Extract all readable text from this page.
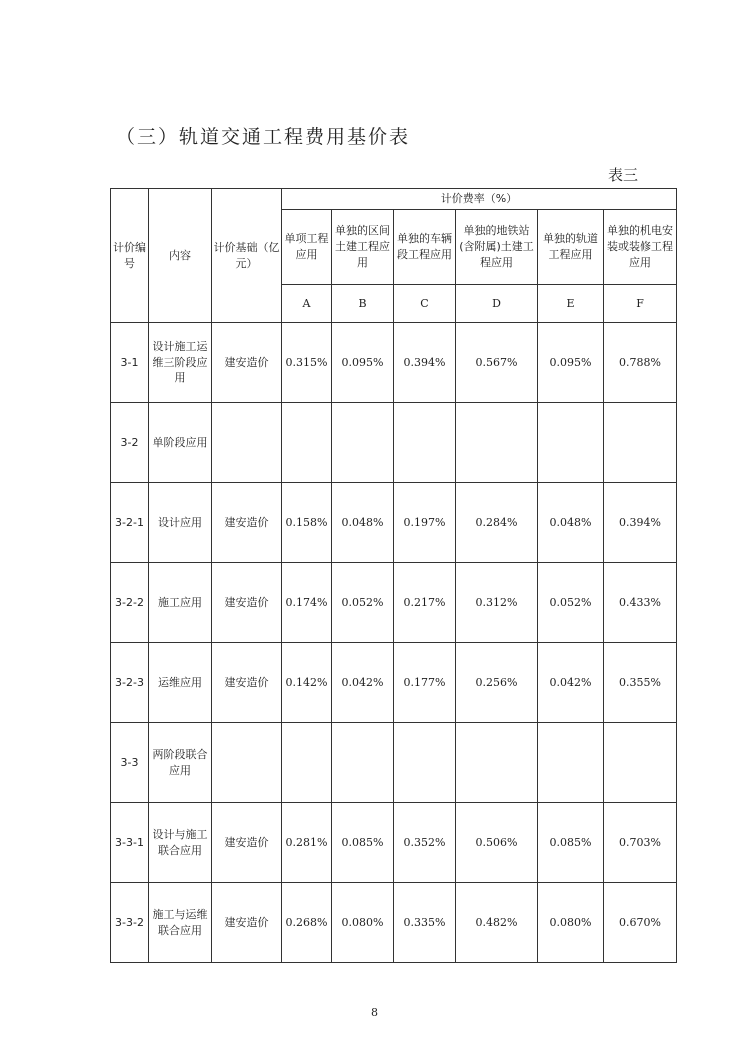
（三）轨道交通工程费用基价表
表三
计价编号	内容	计价基础（亿元）	计价费率（%）					
			单项工程应用	单独的区间土建工程应用	单独的车辆段工程应用	单独的地铁站(含附属)土建工程应用	单独的轨道工程应用	单独的机电安装或装修工程应用
			A	B	C	D	E	F
3-1	设计施工运维三阶段应用	建安造价	0.315%	0.095%	0.394%	0.567%	0.095%	0.788%
3-2	单阶段应用							
3-2-1	设计应用	建安造价	0.158%	0.048%	0.197%	0.284%	0.048%	0.394%
3-2-2	施工应用	建安造价	0.174%	0.052%	0.217%	0.312%	0.052%	0.433%
3-2-3	运维应用	建安造价	0.142%	0.042%	0.177%	0.256%	0.042%	0.355%
3-3	两阶段联合应用							
3-3-1	设计与施工联合应用	建安造价	0.281%	0.085%	0.352%	0.506%	0.085%	0.703%
3-3-2	施工与运维联合应用	建安造价	0.268%	0.080%	0.335%	0.482%	0.080%	0.670%
8
